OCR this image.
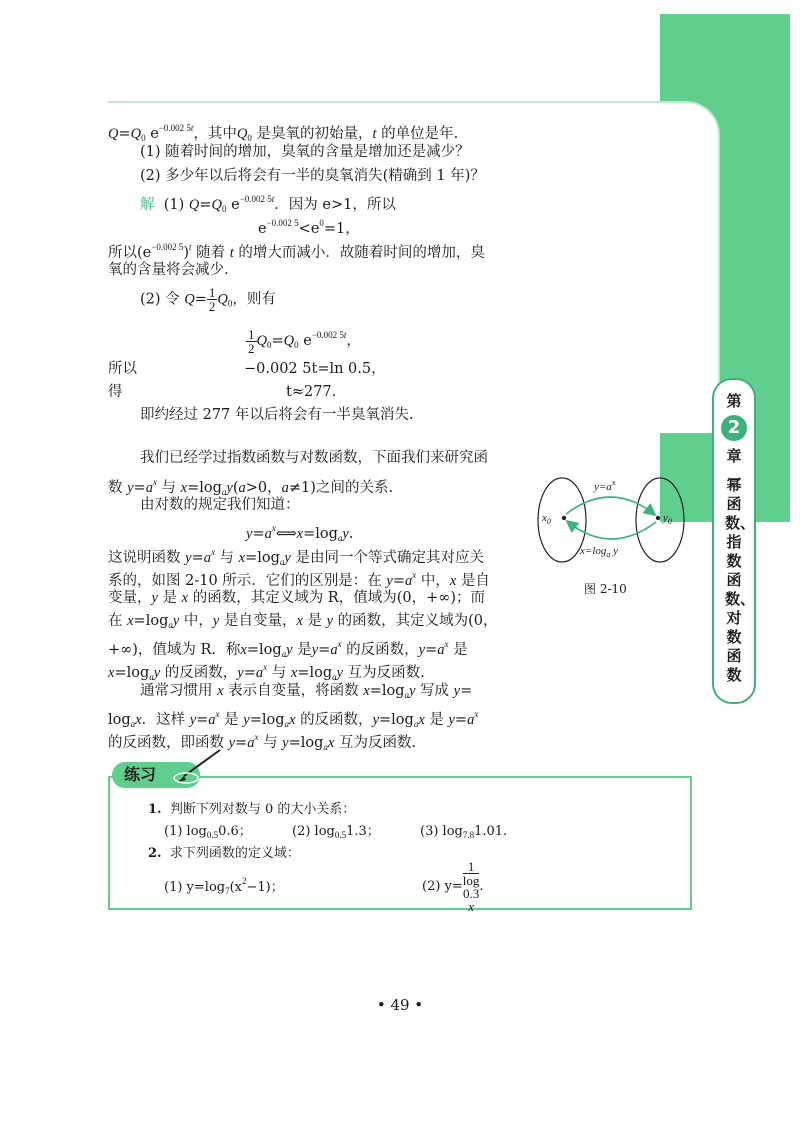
第
2
章
幂函数、指数函数、对数函数
$Q=Q_0$ $e^{-0.002 5t}$，其中$Q_0$ 是臭氧的初始量，t 的单位是年.
(1) 随着时间的增加，臭氧的含量是增加还是减少？
(2) 多少年以后将会有一半的臭氧消失(精确到 1 年)？
解 (1) $Q=Q_0$ $e^{-0.002 5t}$．因为 e>1，所以
$e^{-0.002 5}<e^0=1$，
所以$(e^{-0.002 5})^t$ 随着 t 的增大而减小．故随着时间的增加，臭
氧的含量将会减少.
(2) 令 $Q= \frac{1}{2} Q_0$，则有
$\frac{1}{2} Q_0=Q_0$ $e^{-0.002 5t}$，
所以	−0.002 5t=ln 0.5，
得	t≈277.
即约经过 277 年以后将会有一半臭氧消失.
我们已经学过指数函数与对数函数，下面我们来研究函
数 $y=a^x$ 与 $x=\log_ay(a>0$，a≠1)之间的关系.
由对数的规定我们知道：
$y=a^x⟺x=\log_ay$.
这说明函数 $y=a^x$ 与 $x=\log_ay$ 是由同一个等式确定其对应关
系的，如图 2-10 所示．它们的区别是：在 $y=a^x$ 中，x 是自
变量，y 是 x 的函数，其定义域为 R，值域为(0，+∞)；而
在 $x=\log_ay$ 中，y 是自变量，x 是 y 的函数，其定义域为(0，
+∞)，值域为 R．称$x=\log_ay$ 是$y=a^x$ 的反函数，$y=a^x$ 是
$x=\log_ay$ 的反函数，$y=a^x$ 与 $x=\log_ay$ 互为反函数.
通常习惯用 x 表示自变量，将函数 $x=\log_ay$ 写成 y=
$\log_ax$．这样 $y=a^x$ 是 $y=\log_ax$ 的反函数，$y=\log_ax$ 是 $y=a^x$
的反函数，即函数 $y=a^x$ 与 $y=\log_ax$ 互为反函数.
$y=a^x$
$x_0$	$y_0$
$x=\log_a$ y
图 2-10
练习
1. 判断下列对数与 0 的大小关系：
(1) $\log_{0.5}0.6$；	(2) $\log_{0.5}1.3$；	(3) $\log_{7.8}1.01$.
2. 求下列函数的定义域：
(1) $y=\log_7(x^2-1)$；	(2) y= 1
log
0.3
x .
• 49 •
